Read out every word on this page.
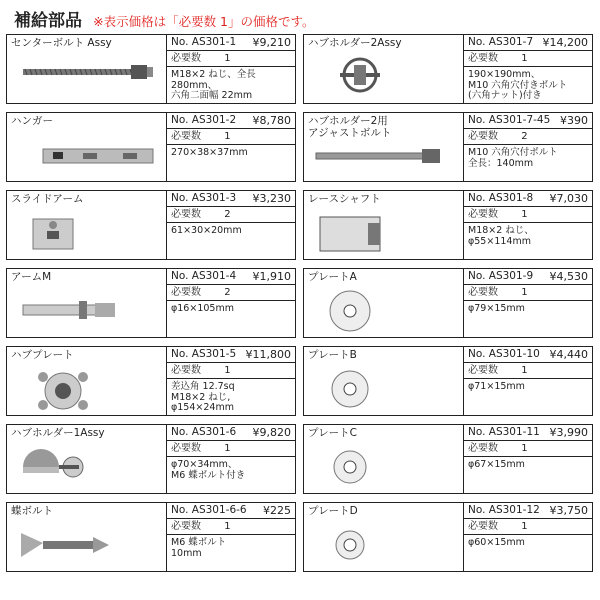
補給部品 ※表示価格は「必要数 1」の価格です。
センターボルト Assy	No. AS301-1 ¥9,210
必要数 1
M18×2 ねじ、全長 280mm、
六角二面幅 22mm
ハンガー	No. AS301-2 ¥8,780
必要数 1
270×38×37mm
スライドアーム	No. AS301-3 ¥3,230
必要数 2
61×30×20mm
アームM	No. AS301-4 ¥1,910
必要数 2
φ16×105mm
ハブプレート	No. AS301-5 ¥11,800
必要数 1
差込角 12.7sq
M18×2 ねじ, φ154×24mm
ハブホルダー1Assy	No. AS301-6 ¥9,820
必要数 1
φ70×34mm、
M6 蝶ボルト付き
蝶ボルト	No. AS301-6-6 ¥225
必要数 1
M6 蝶ボルト
10mm
ハブホルダー2Assy	No. AS301-7 ¥14,200
必要数 1
190×190mm、
M10 六角穴付きボルト
(六角ナット)付き
ハブホルダー2用
アジャストボルト
No. AS301-7-45 ¥390
必要数 2
M10 六角穴付ボルト
全長：140mm
レースシャフト	No. AS301-8 ¥7,030
必要数 1
M18×2 ねじ、
φ55×114mm
プレートA	No. AS301-9 ¥4,530
必要数 1
φ79×15mm
プレートB	No. AS301-10 ¥4,440
必要数 1
φ71×15mm
プレートC	No. AS301-11 ¥3,990
必要数 1
φ67×15mm
プレートD	No. AS301-12 ¥3,750
必要数 1
φ60×15mm
